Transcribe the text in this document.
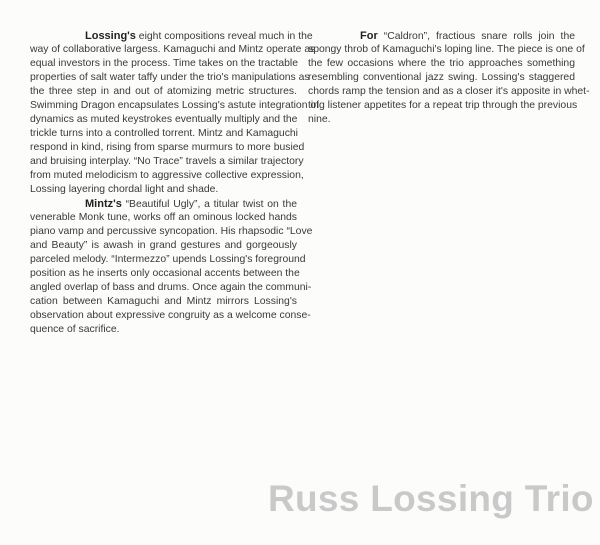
Lossing's eight compositions reveal much in the
way of collaborative largess. Kamaguchi and Mintz operate as
equal investors in the process. Time takes on the tractable
properties of salt water taffy under the trio's manipulations as
the three step in and out of atomizing metric structures.
Swimming Dragon encapsulates Lossing's astute integration of
dynamics as muted keystrokes eventually multiply and the
trickle turns into a controlled torrent. Mintz and Kamaguchi
respond in kind, rising from sparse murmurs to more busied
and bruising interplay. “No Trace” travels a similar trajectory
from muted melodicism to aggressive collective expression,
Lossing layering chordal light and shade.
Mintz's “Beautiful Ugly”, a titular twist on the
venerable Monk tune, works off an ominous locked hands
piano vamp and percussive syncopation. His rhapsodic “Love
and Beauty” is awash in grand gestures and gorgeously
parceled melody. “Intermezzo” upends Lossing's foreground
position as he inserts only occasional accents between the
angled overlap of bass and drums. Once again the communi-
cation between Kamaguchi and Mintz mirrors Lossing's
observation about expressive congruity as a welcome conse-
quence of sacrifice.
For “Caldron”, fractious snare rolls join the
spongy throb of Kamaguchi's loping line. The piece is one of
the few occasions where the trio approaches something
resembling conventional jazz swing. Lossing's staggered
chords ramp the tension and as a closer it's apposite in whet-
ting listener appetites for a repeat trip through the previous
nine.
Russ Lossing Trio
